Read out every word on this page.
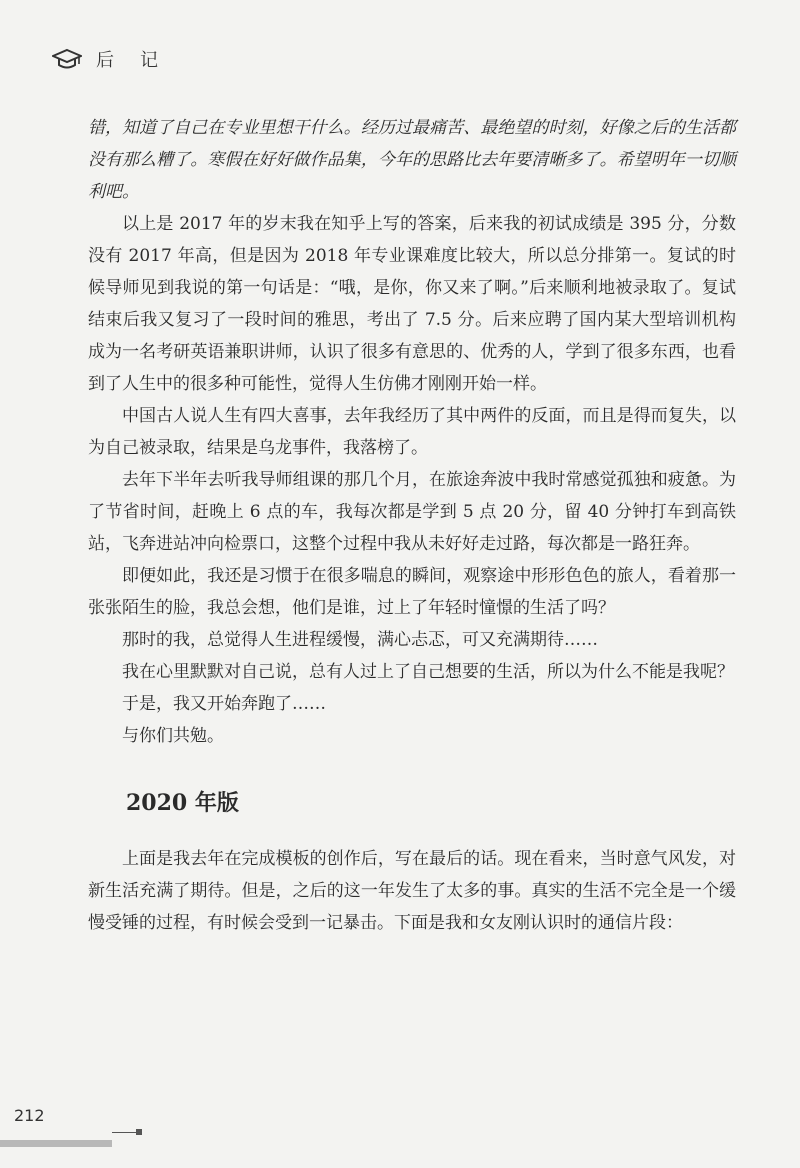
后记

错，知道了自己在专业里想干什么。经历过最痛苦、最绝望的时刻，好像之后的生活都没有那么糟了。寒假在好好做作品集，今年的思路比去年要清晰多了。希望明年一切顺利吧。

以上是 2017 年的岁末我在知乎上写的答案，后来我的初试成绩是 395 分，分数没有 2017 年高，但是因为 2018 年专业课难度比较大，所以总分排第一。复试的时候导师见到我说的第一句话是：“哦，是你，你又来了啊。”后来顺利地被录取了。复试结束后我又复习了一段时间的雅思，考出了 7.5 分。后来应聘了国内某大型培训机构成为一名考研英语兼职讲师，认识了很多有意思的、优秀的人，学到了很多东西，也看到了人生中的很多种可能性，觉得人生仿佛才刚刚开始一样。

中国古人说人生有四大喜事，去年我经历了其中两件的反面，而且是得而复失，以为自己被录取，结果是乌龙事件，我落榜了。

去年下半年去听我导师组课的那几个月，在旅途奔波中我时常感觉孤独和疲惫。为了节省时间，赶晚上 6 点的车，我每次都是学到 5 点 20 分，留 40 分钟打车到高铁站，飞奔进站冲向检票口，这整个过程中我从未好好走过路，每次都是一路狂奔。

即便如此，我还是习惯于在很多喘息的瞬间，观察途中形形色色的旅人，看着那一张张陌生的脸，我总会想，他们是谁，过上了年轻时憧憬的生活了吗？

那时的我，总觉得人生进程缓慢，满心忐忑，可又充满期待……

我在心里默默对自己说，总有人过上了自己想要的生活，所以为什么不能是我呢？

于是，我又开始奔跑了……

与你们共勉。

2020 年版

上面是我去年在完成模板的创作后，写在最后的话。现在看来，当时意气风发，对新生活充满了期待。但是，之后的这一年发生了太多的事。真实的生活不完全是一个缓慢受锤的过程，有时候会受到一记暴击。下面是我和女友刚认识时的通信片段：

212
